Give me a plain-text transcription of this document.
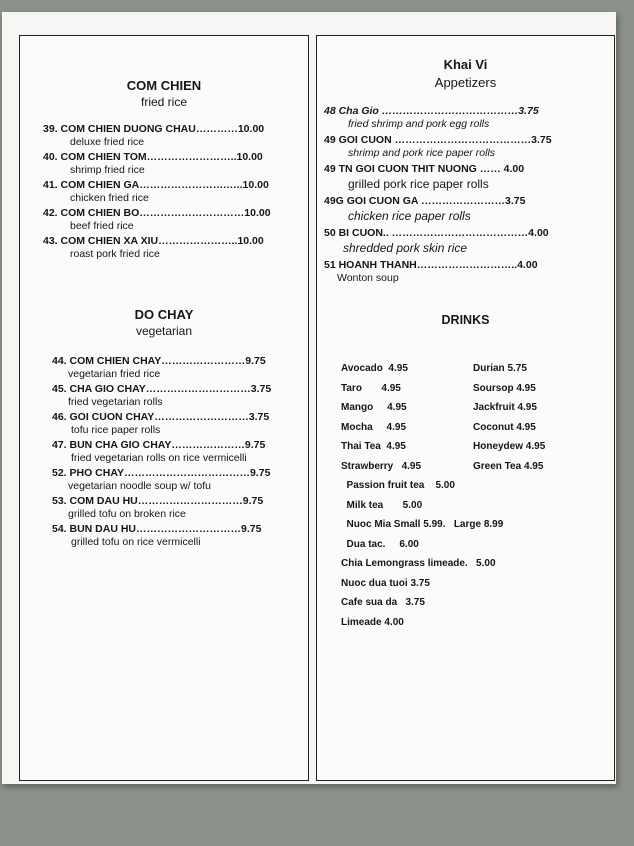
COM CHIEN
fried rice
39. COM CHIEN DUONG CHAU…………10.00
deluxe fried rice
40. COM CHIEN TOM……………………..10.00
shrimp fried rice
41. COM CHIEN GA…………………….…..10.00
chicken fried rice
42. COM CHIEN BO…………………………10.00
beef fried rice
43. COM CHIEN XA XIU…………………..10.00
roast pork fried rice
DO CHAY
vegetarian
44. COM CHIEN CHAY……………………9.75
vegetarian fried rice
45. CHA GIO CHAY…………………………3.75
fried vegetarian rolls
46. GOI CUON CHAY………………………3.75
tofu rice paper rolls
47. BUN CHA GIO CHAY…………………9.75
fried vegetarian rolls on rice vermicelli
52. PHO CHAY………………………………9.75
vegetarian noodle soup w/ tofu
53. COM DAU HU…………………………9.75
grilled tofu on broken rice
54. BUN DAU HU…………………………9.75
grilled tofu on rice vermicelli
Khai Vi
Appetizers
48 Cha Gio …………………………………3.75
fried shrimp and pork egg rolls
49 GOI CUON …………………………………3.75
shrimp and pork rice paper rolls
49 TN GOI CUON THIT NUONG …… 4.00
grilled pork rice paper rolls
49G GOI CUON GA ……………………3.75
chicken rice paper rolls
50 BI CUON.. …………………………………4.00
shredded pork skin rice
51 HOANH THANH………………………..4.00
Wonton soup
DRINKS
Avocado  4.95	Durian 5.75
Taro       4.95	Soursop 4.95
Mango     4.95	Jackfruit 4.95
Mocha     4.95	Coconut 4.95
Thai Tea  4.95	Honeydew 4.95
Strawberry   4.95	Green Tea 4.95
Passion fruit tea    5.00
Milk tea       5.00
Nuoc Mia Small 5.99.   Large 8.99
Dua tac.     6.00
Chia Lemongrass limeade.   5.00
Nuoc dua tuoi 3.75
Cafe sua da   3.75
Limeade 4.00
